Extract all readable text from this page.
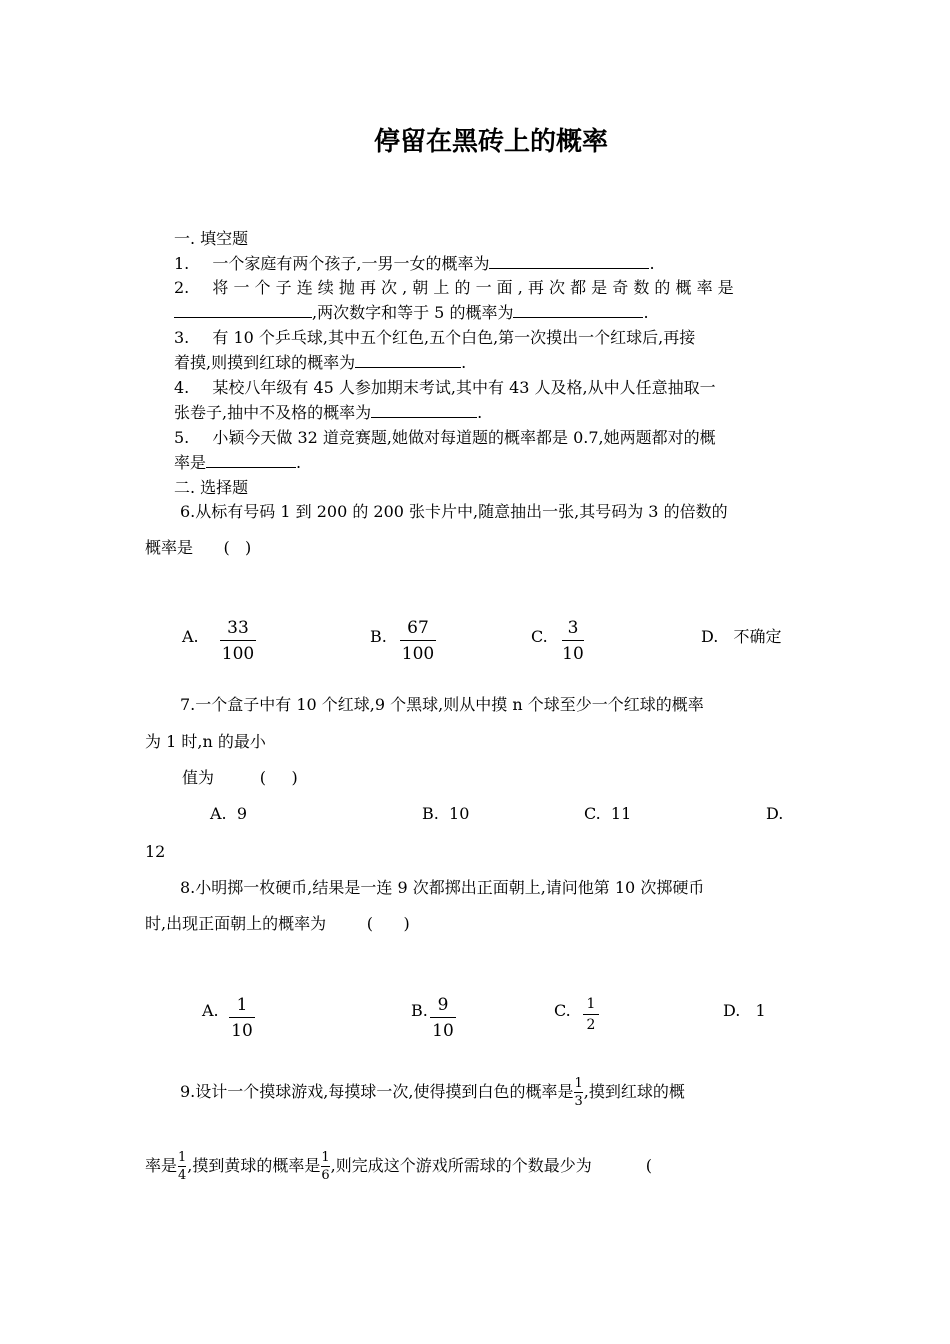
停留在黑砖上的概率
一. 填空题
1. 一个家庭有两个孩子,一男一女的概率为	.
2. 将 一 个 子 连 续 抛 再 次 , 朝 上 的 一 面 , 再 次 都 是 奇 数 的 概 率 是
,两次数字和等于 5 的概率为	.
3. 有 10 个乒乓球,其中五个红色,五个白色,第一次摸出一个红球后,再接
着摸,则摸到红球的概率为	.
4. 某校八年级有 45 人参加期末考试,其中有 43 人及格,从中人任意抽取一
张卷子,抽中不及格的概率为	.
5. 小颖今天做 32 道竞赛题,她做对每道题的概率都是 0.7,她两题都对的概
率是	.
二. 选择题
6.从标有号码 1 到 200 的 200 张卡片中,随意抽出一张,其号码为 3 的倍数的
概率是      (   )
A.	33
100
B.	67
100
C.	3
10
D. 不确定
7.一个盒子中有 10 个红球,9 个黑球,则从中摸 n 个球至少一个红球的概率
为 1 时,n 的最小
值为         (     )
A.  9	B.  10	C.  11	D.
12
8.小明掷一枚硬币,结果是一连 9 次都掷出正面朝上,请问他第 10 次掷硬币
时,出现正面朝上的概率为        (      )
A.	1
10
B. 9
10
C. 1
2
D. 1
9.设计一个摸球游戏,每摸球一次,使得摸到白色的概率是 $\frac{1}{3}$ ,摸到红球的概
率是 $\frac{1}{4}$ ,摸到黄球的概率是 $\frac{1}{6}$ ,则完成这个游戏所需球的个数最少为	(
